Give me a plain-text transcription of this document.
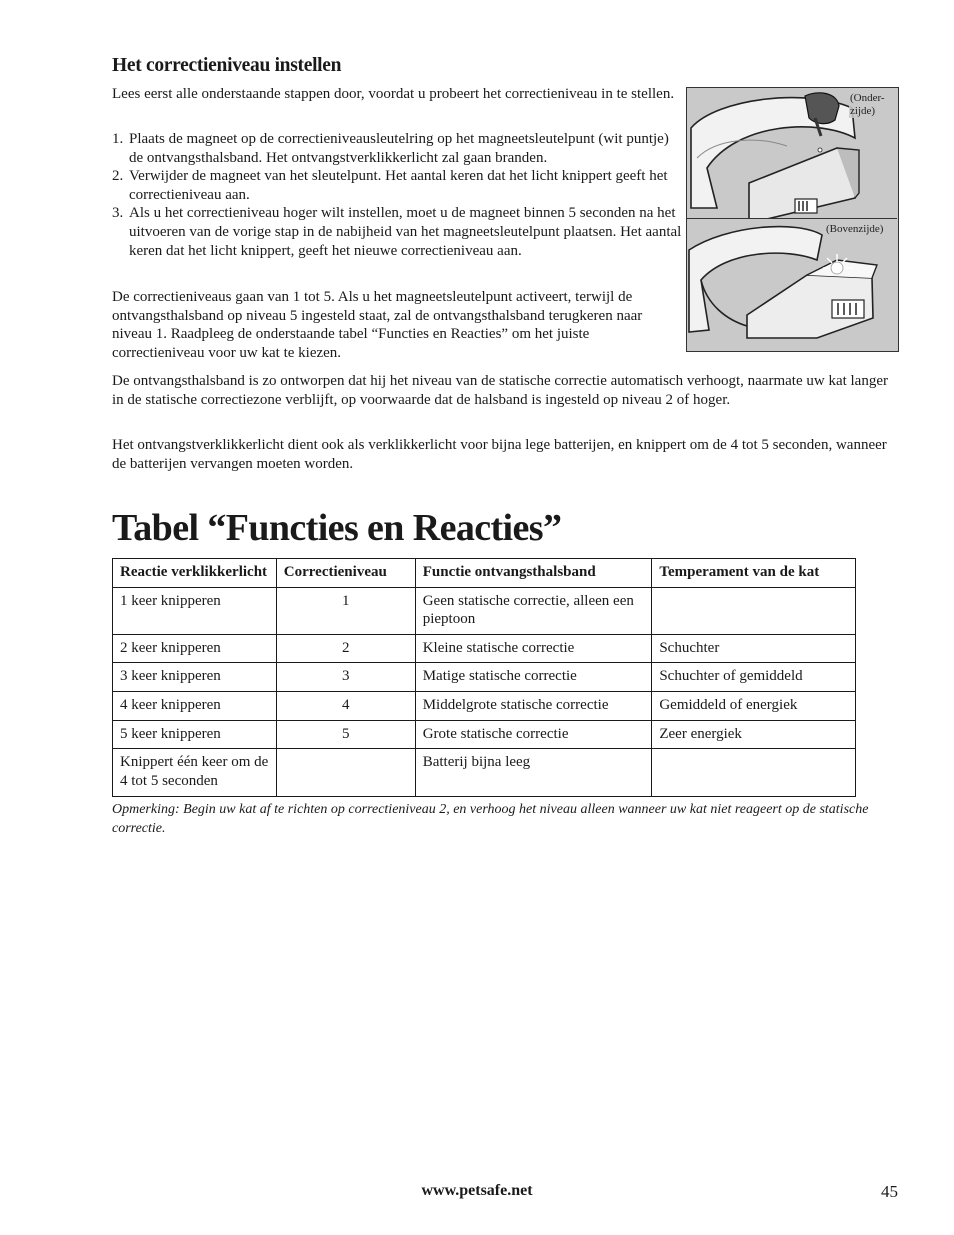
Het correctieniveau instellen

Lees eerst alle onderstaande stappen door, voordat u probeert het correctieniveau in te stellen.

1. Plaats de magneet op de correctieniveausleutelring op het magneetsleutelpunt (wit puntje) de ontvangsthalsband. Het ontvangstverklikkerlicht zal gaan branden.
2. Verwijder de magneet van het sleutelpunt. Het aantal keren dat het licht knippert geeft het correctieniveau aan.
3. Als u het correctieniveau hoger wilt instellen, moet u de magneet binnen 5 seconden na het uitvoeren van de vorige stap in de nabijheid van het magneetsleutelpunt plaatsen. Het aantal keren dat het licht knippert, geeft het nieuwe correctieniveau aan.

De correctieniveaus gaan van 1 tot 5. Als u het magneetsleutelpunt activeert, terwijl de ontvangsthalsband op niveau 5 ingesteld staat, zal de ontvangsthalsband terugkeren naar niveau 1. Raadpleeg de onderstaande tabel “Functies en Reacties” om het juiste correctieniveau voor uw kat te kiezen.

(Onder-
zijde)
(Bovenzijde)

De ontvangsthalsband is zo ontworpen dat hij het niveau van de statische correctie automatisch verhoogt, naarmate uw kat langer in de statische correctiezone verblijft, op voorwaarde dat de halsband is ingesteld op niveau 2 of hoger.

Het ontvangstverklikkerlicht dient ook als verklikkerlicht voor bijna lege batterijen, en knippert om de 4 tot 5 seconden, wanneer de batterijen vervangen moeten worden.

Tabel “Functies en Reacties”
Reactie verklikkerlicht	Correctieniveau	Functie ontvangsthalsband	Temperament van de kat
1 keer knipperen	1	Geen statische correctie, alleen een pieptoon	
2 keer knipperen	2	Kleine statische correctie	Schuchter
3 keer knipperen	3	Matige statische correctie	Schuchter of gemiddeld
4 keer knipperen	4	Middelgrote statische correctie	Gemiddeld of energiek
5 keer knipperen	5	Grote statische correctie	Zeer energiek
Knippert één keer om de 4 tot 5 seconden		Batterij bijna leeg	

Opmerking: Begin uw kat af te richten op correctieniveau 2, en verhoog het niveau alleen wanneer uw kat niet reageert op de statische correctie.

www.petsafe.net	45
